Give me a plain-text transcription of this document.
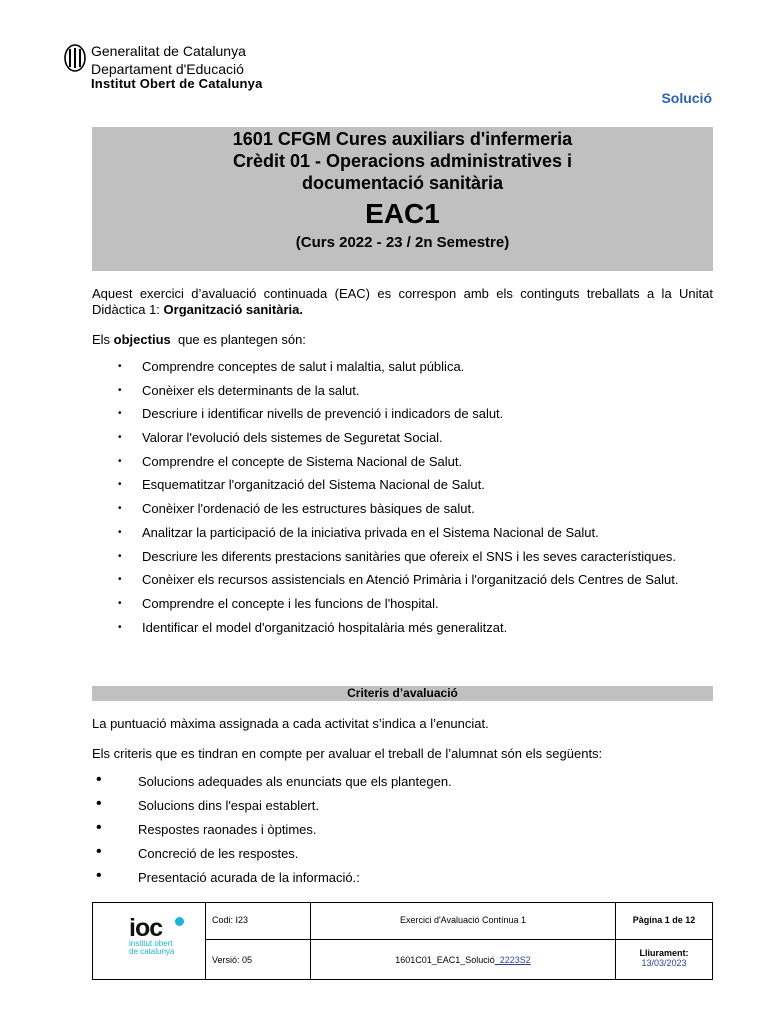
Generalitat de Catalunya
Departament d'Educació
Institut Obert de Catalunya
Solució
1601 CFGM Cures auxiliars d'infermeria
Crèdit 01 - Operacions administratives i
documentació sanitària
EAC1
(Curs 2022 - 23 / 2n Semestre)

Aquest exercici d’avaluació continuada (EAC) es correspon amb els continguts treballats a la Unitat Didàctica 1: Organització sanitària.

Els objectius  que es plantegen són:

• Comprendre conceptes de salut i malaltia, salut pública.
• Conèixer els determinants de la salut.
• Descriure i identificar nivells de prevenció i indicadors de salut.
• Valorar l'evolució dels sistemes de Seguretat Social.
• Comprendre el concepte de Sistema Nacional de Salut.
• Esquematitzar l'organització del Sistema Nacional de Salut.
• Conèixer l'ordenació de les estructures bàsiques de salut.
• Analitzar la participació de la iniciativa privada en el Sistema Nacional de Salut.
• Descriure les diferents prestacions sanitàries que ofereix el SNS i les seves característiques.
• Conèixer els recursos assistencials en Atenció Primària i l'organització dels Centres de Salut.
• Comprendre el concepte i les funcions de l'hospital.
• Identificar el model d'organització hospitalària més generalitzat.
Criteris d’avaluació

La puntuació màxima assignada a cada activitat s’indica a l’enunciat.

Els criteris que es tindran en compte per avaluar el treball de l’alumnat són els següents:

• Solucions adequades als enunciats que els plantegen.
• Solucions dins l'espai establert.
• Respostes raonades i òptimes.
• Concreció de les respostes.
• Presentació acurada de la informació.:
ioc
institut obert
de catalunya
Codi: I23
Versió: 05
Exercici d'Avaluació Contínua 1
1601C01_EAC1_Solució_2223S2
Pàgina 1 de 12
Lliurament:
13/03/2023
